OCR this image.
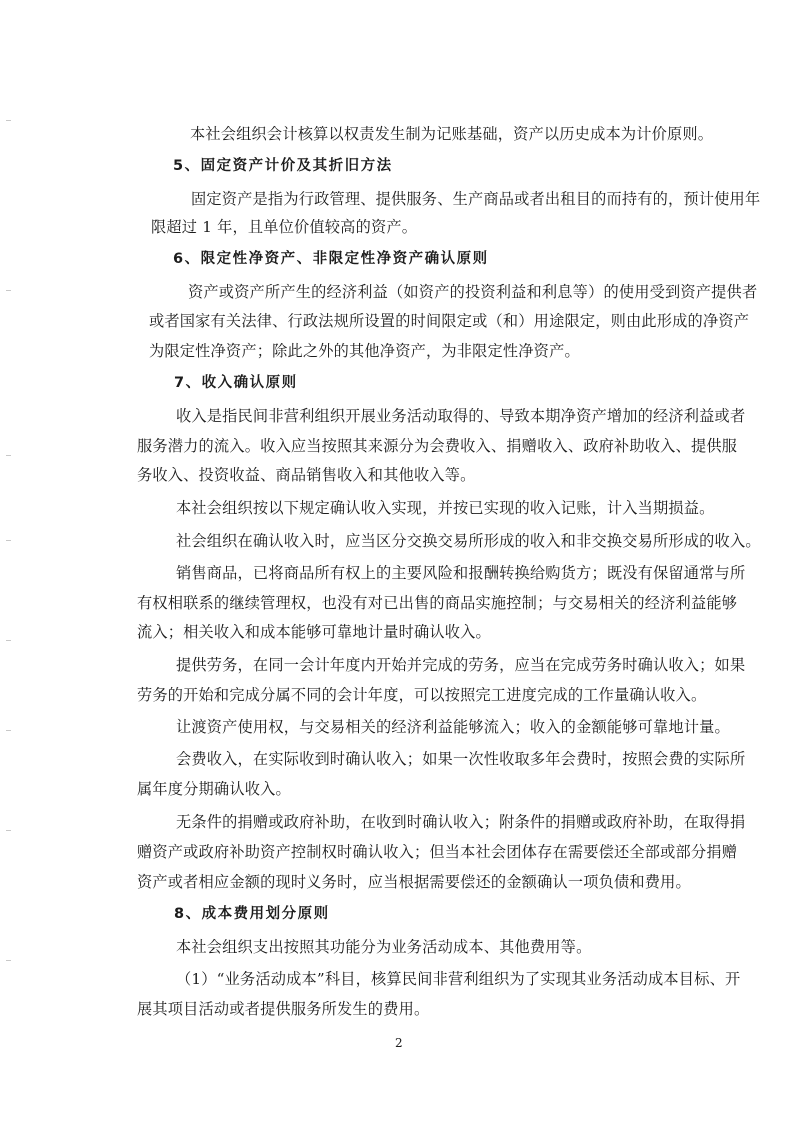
本社会组织会计核算以权责发生制为记账基础，资产以历史成本为计价原则。
5、固定资产计价及其折旧方法
固定资产是指为行政管理、提供服务、生产商品或者出租目的而持有的，预计使用年
限超过 1 年，且单位价值较高的资产。
6、限定性净资产、非限定性净资产确认原则
资产或资产所产生的经济利益（如资产的投资利益和利息等）的使用受到资产提供者
或者国家有关法律、行政法规所设置的时间限定或（和）用途限定，则由此形成的净资产
为限定性净资产；除此之外的其他净资产，为非限定性净资产。
7、收入确认原则
收入是指民间非营利组织开展业务活动取得的、导致本期净资产增加的经济利益或者
服务潜力的流入。收入应当按照其来源分为会费收入、捐赠收入、政府补助收入、提供服
务收入、投资收益、商品销售收入和其他收入等。
本社会组织按以下规定确认收入实现，并按已实现的收入记账，计入当期损益。
社会组织在确认收入时，应当区分交换交易所形成的收入和非交换交易所形成的收入。
销售商品，已将商品所有权上的主要风险和报酬转换给购货方；既没有保留通常与所
有权相联系的继续管理权，也没有对已出售的商品实施控制；与交易相关的经济利益能够
流入；相关收入和成本能够可靠地计量时确认收入。
提供劳务，在同一会计年度内开始并完成的劳务，应当在完成劳务时确认收入；如果
劳务的开始和完成分属不同的会计年度，可以按照完工进度完成的工作量确认收入。
让渡资产使用权，与交易相关的经济利益能够流入；收入的金额能够可靠地计量。
会费收入，在实际收到时确认收入；如果一次性收取多年会费时，按照会费的实际所
属年度分期确认收入。
无条件的捐赠或政府补助，在收到时确认收入；附条件的捐赠或政府补助，在取得捐
赠资产或政府补助资产控制权时确认收入；但当本社会团体存在需要偿还全部或部分捐赠
资产或者相应金额的现时义务时，应当根据需要偿还的金额确认一项负债和费用。
8、成本费用划分原则
本社会组织支出按照其功能分为业务活动成本、其他费用等。
（1）“业务活动成本”科目，核算民间非营利组织为了实现其业务活动成本目标、开
展其项目活动或者提供服务所发生的费用。
2
